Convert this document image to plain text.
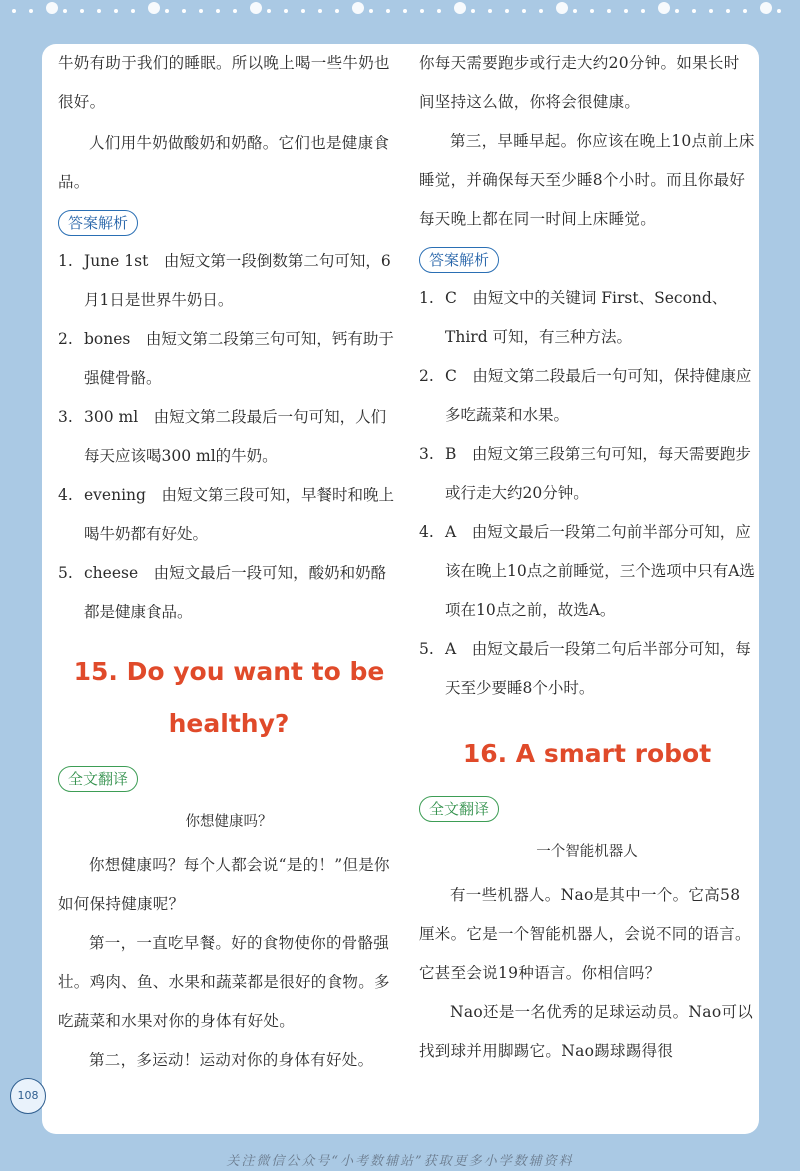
牛奶有助于我们的睡眠。所以晚上喝一些牛奶也很好。

人们用牛奶做酸奶和奶酪。它们也是健康食品。

答案解析
1. June 1st　由短文第一段倒数第二句可知，6月1日是世界牛奶日。
2. bones　由短文第二段第三句可知，钙有助于强健骨骼。
3. 300 ml　由短文第二段最后一句可知，人们每天应该喝300 ml的牛奶。
4. evening　由短文第三段可知，早餐时和晚上喝牛奶都有好处。
5. cheese　由短文最后一段可知，酸奶和奶酪都是健康食品。
15. Do you want to be
healthy?
全文翻译
你想健康吗？

你想健康吗？每个人都会说“是的！”但是你如何保持健康呢？

第一，一直吃早餐。好的食物使你的骨骼强壮。鸡肉、鱼、水果和蔬菜都是很好的食物。多吃蔬菜和水果对你的身体有好处。

第二，多运动！运动对你的身体有好处。

你每天需要跑步或行走大约20分钟。如果长时间坚持这么做，你将会很健康。

第三，早睡早起。你应该在晚上10点前上床睡觉，并确保每天至少睡8个小时。而且你最好每天晚上都在同一时间上床睡觉。

答案解析
1. C　由短文中的关键词 First、Second、Third 可知，有三种方法。
2. C　由短文第二段最后一句可知，保持健康应多吃蔬菜和水果。
3. B　由短文第三段第三句可知，每天需要跑步或行走大约20分钟。
4. A　由短文最后一段第二句前半部分可知，应该在晚上10点之前睡觉，三个选项中只有A选项在10点之前，故选A。
5. A　由短文最后一段第二句后半部分可知，每天至少要睡8个小时。
16. A smart robot
全文翻译
一个智能机器人

有一些机器人。Nao是其中一个。它高58厘米。它是一个智能机器人，会说不同的语言。它甚至会说19种语言。你相信吗？

Nao还是一名优秀的足球运动员。Nao可以找到球并用脚踢它。Nao踢球踢得很

108
关注微信公众号“小考数辅站”获取更多小学数辅资料
